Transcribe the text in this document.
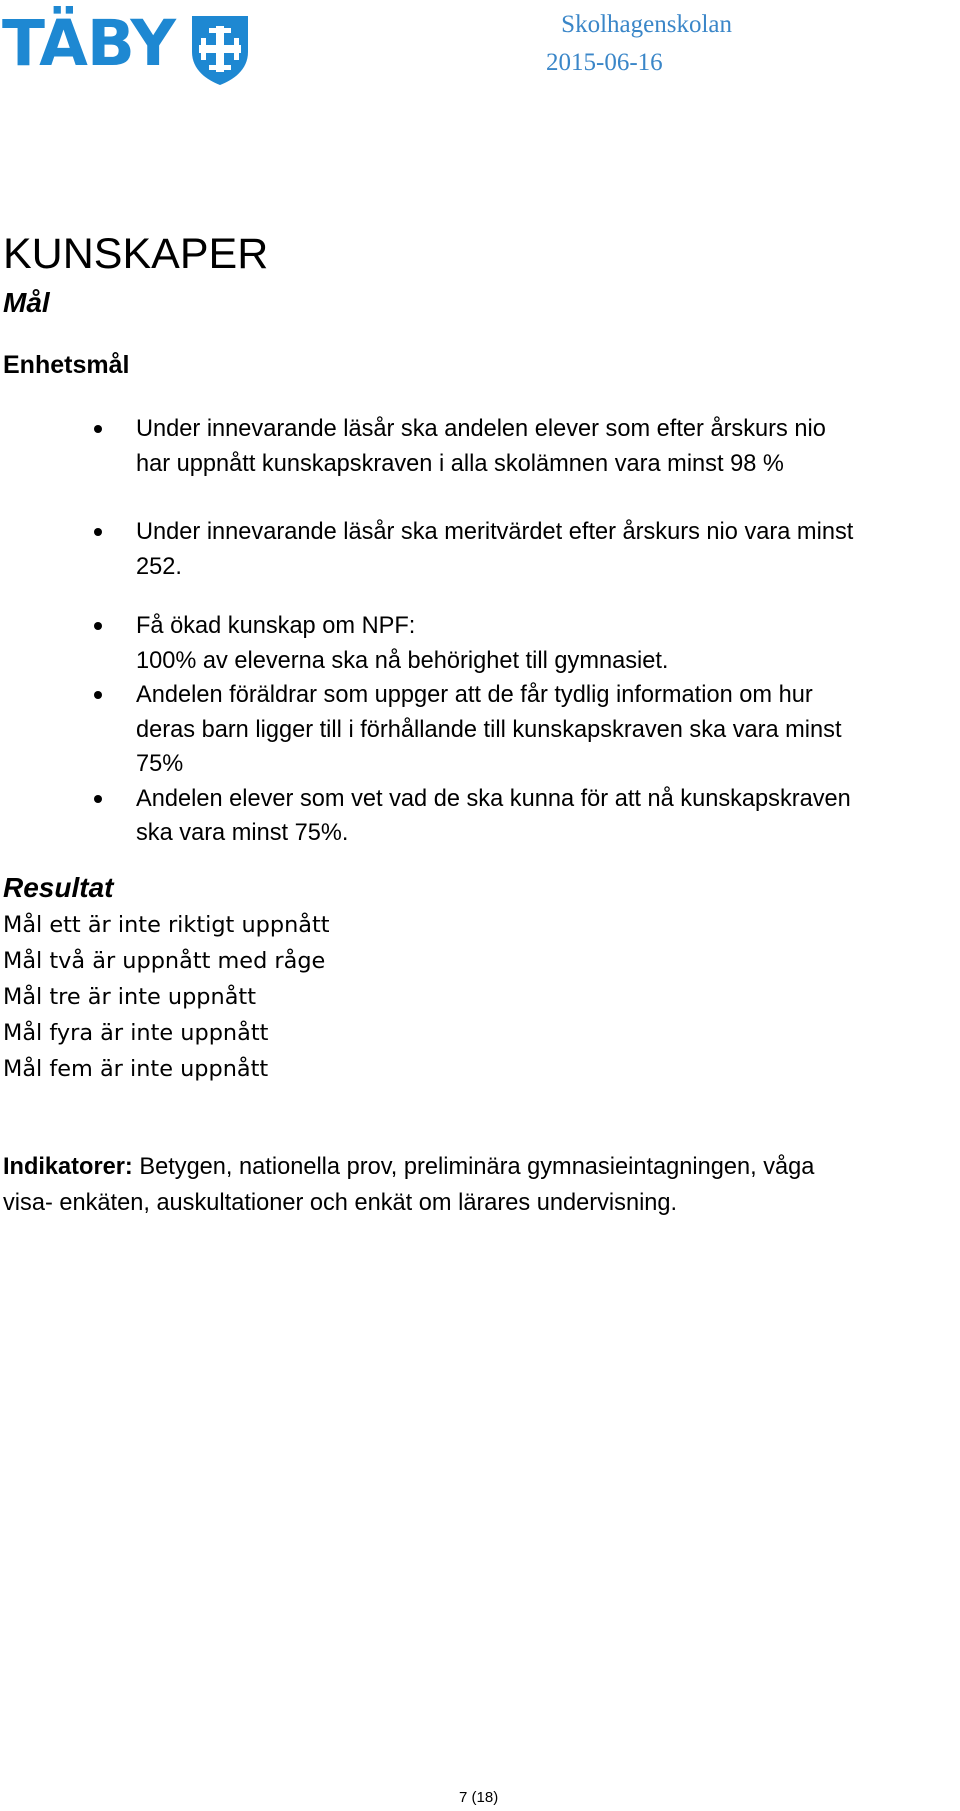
TÄBY	Skolhagenskolan
2015-06-16
KUNSKAPER
Mål
Enhetsmål
Under innevarande läsår ska andelen elever som efter årskurs nio
har uppnått kunskapskraven i alla skolämnen vara minst 98 %
Under innevarande läsår ska meritvärdet efter årskurs nio vara minst
252.
Få ökad kunskap om NPF:
100% av eleverna ska nå behörighet till gymnasiet.
Andelen föräldrar som uppger att de får tydlig information om hur
deras barn ligger till i förhållande till kunskapskraven ska vara minst
75%
Andelen elever som vet vad de ska kunna för att nå kunskapskraven
ska vara minst 75%.
Resultat
Mål ett är inte riktigt uppnått
Mål två är uppnått med råge
Mål tre är inte uppnått
Mål fyra är inte uppnått
Mål fem är inte uppnått
Indikatorer: Betygen, nationella prov, preliminära gymnasieintagningen, våga
visa- enkäten, auskultationer och enkät om lärares undervisning.
7 (18)
